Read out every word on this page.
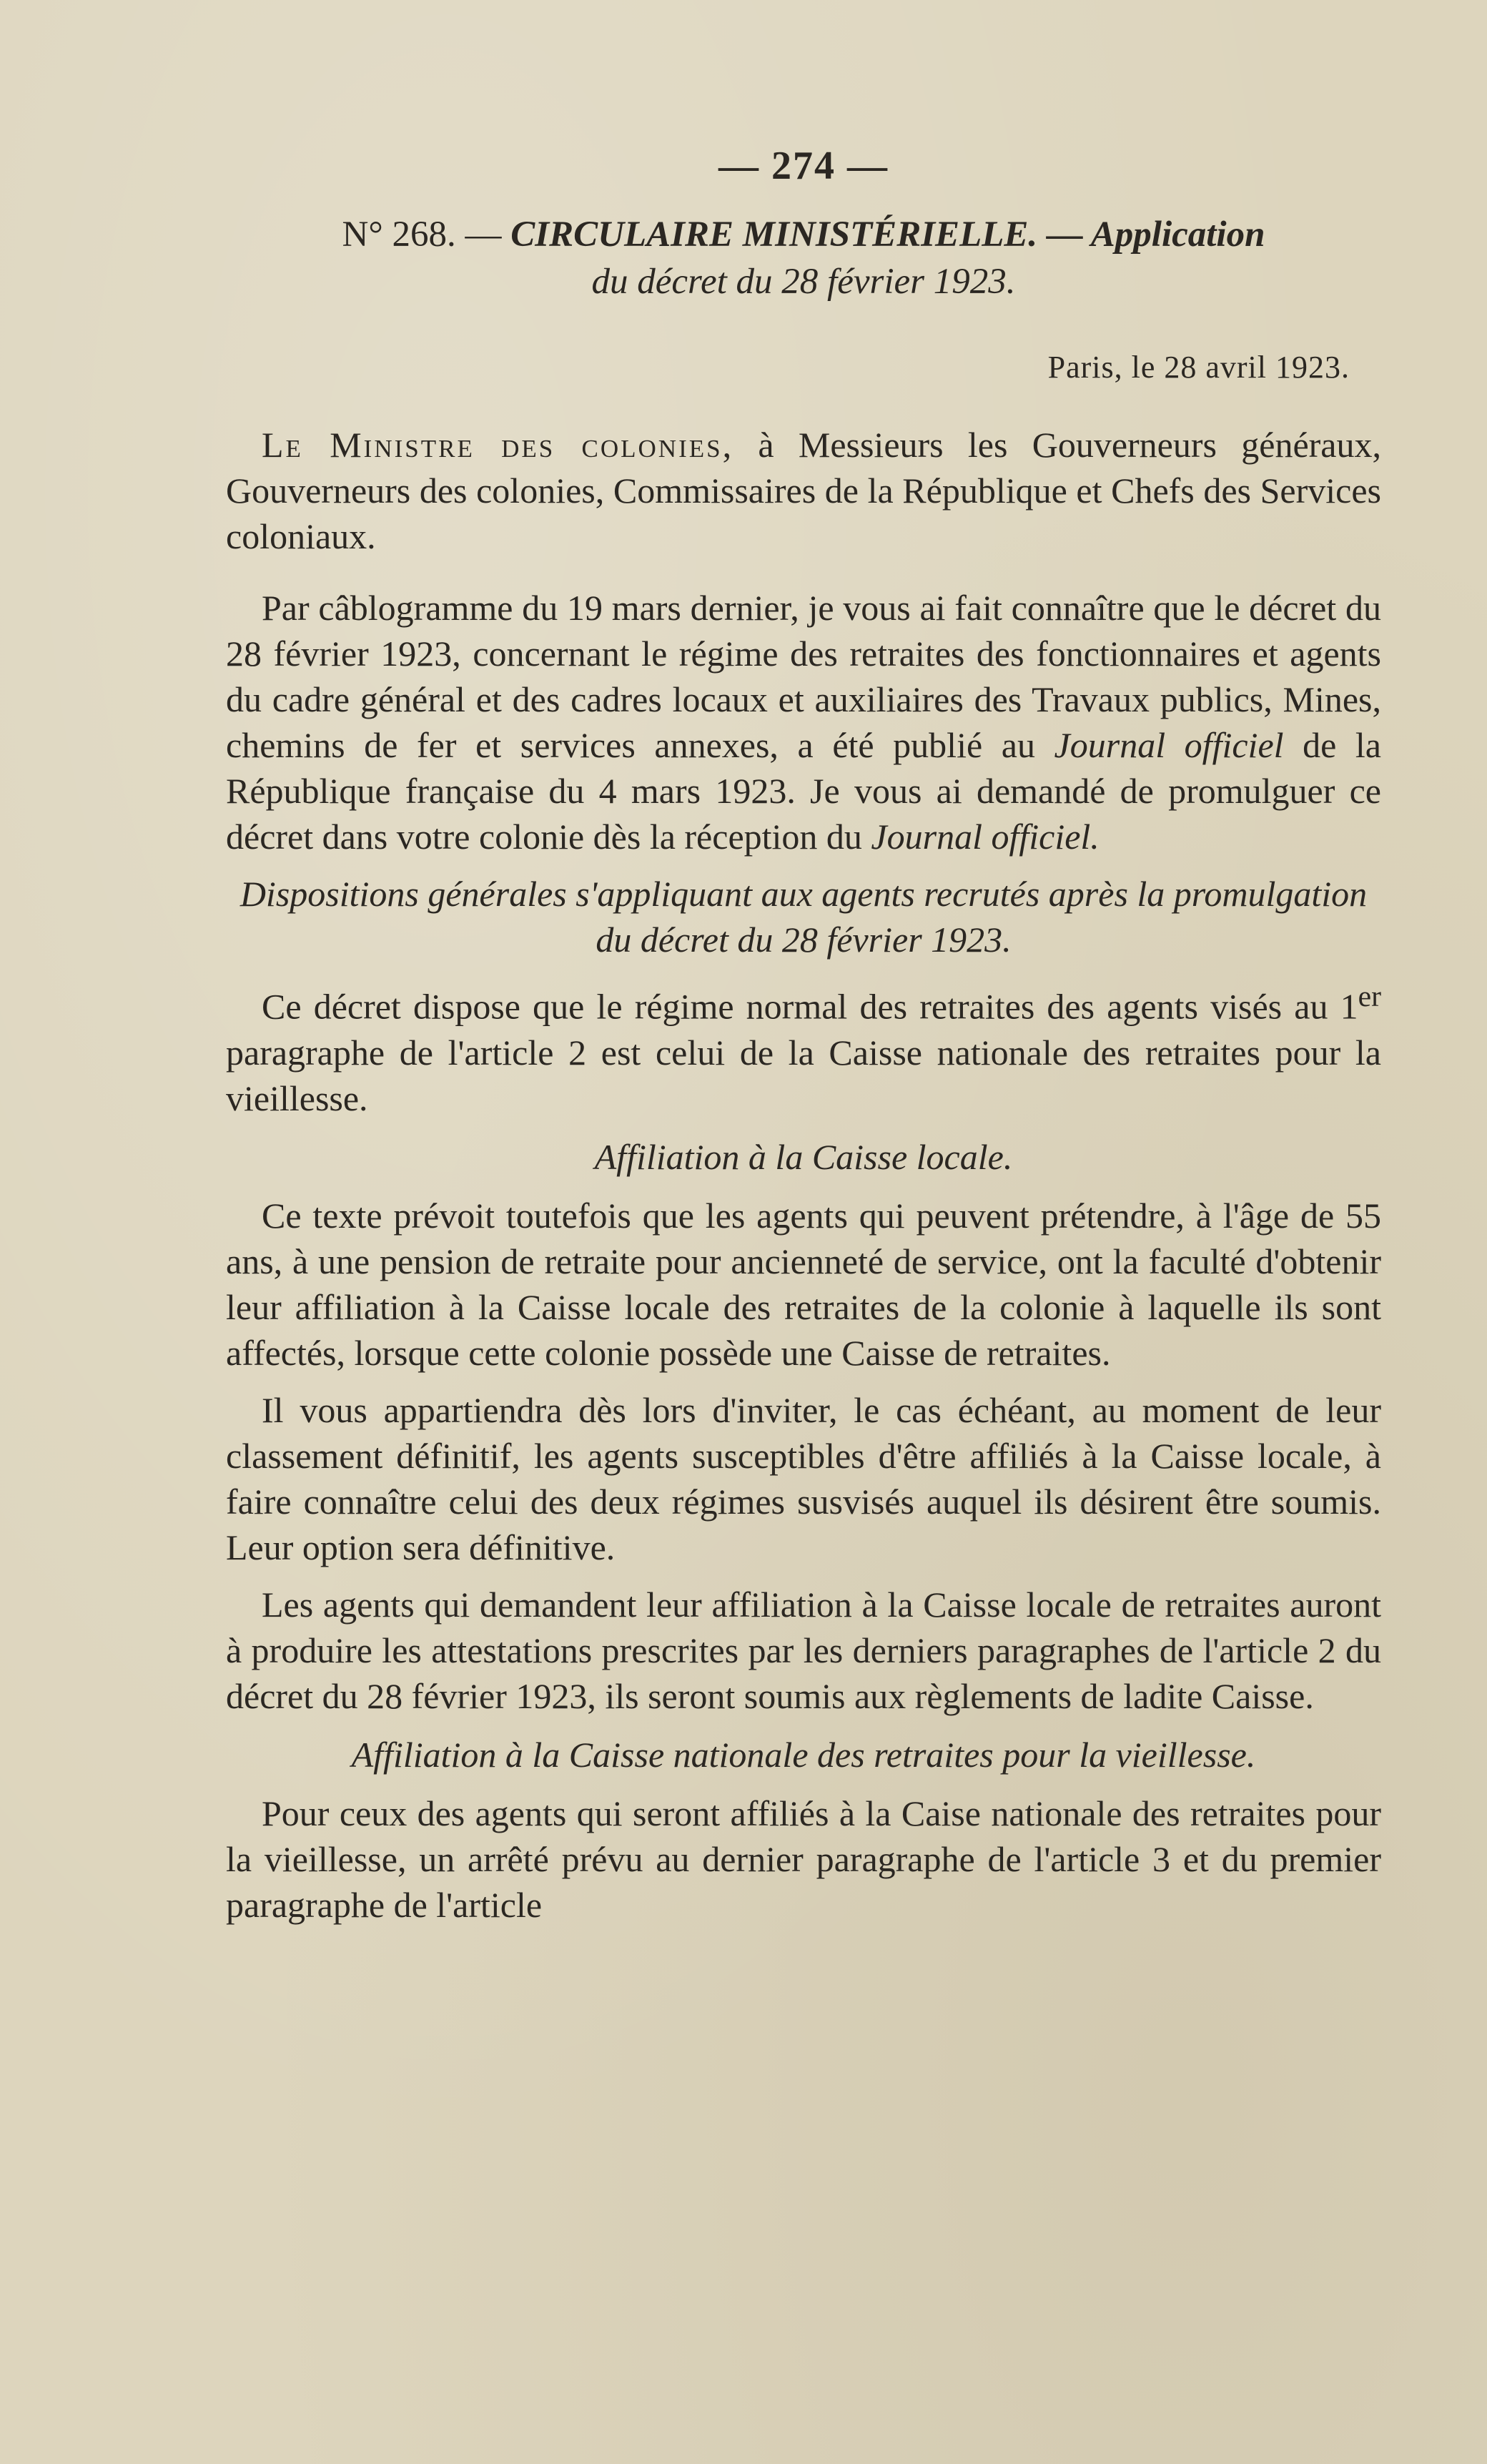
— 274 —
N° 268. — CIRCULAIRE MINISTÉRIELLE. — Application
du décret du 28 février 1923.
Paris, le 28 avril 1923.

Le Ministre des colonies, à Messieurs les Gouverneurs généraux, Gouverneurs des colonies, Commissaires de la République et Chefs des Services coloniaux.

Par câblogramme du 19 mars dernier, je vous ai fait connaître que le décret du 28 février 1923, concernant le régime des retraites des fonctionnaires et agents du cadre général et des cadres locaux et auxiliaires des Travaux publics, Mines, chemins de fer et services annexes, a été publié au Journal officiel de la République française du 4 mars 1923. Je vous ai demandé de promulguer ce décret dans votre colonie dès la réception du Journal officiel.

Dispositions générales s'appliquant aux agents recrutés après la promulgation du décret du 28 février 1923.

Ce décret dispose que le régime normal des retraites des agents visés au 1er paragraphe de l'article 2 est celui de la Caisse nationale des retraites pour la vieillesse.

Affiliation à la Caisse locale.

Ce texte prévoit toutefois que les agents qui peuvent prétendre, à l'âge de 55 ans, à une pension de retraite pour ancienneté de service, ont la faculté d'obtenir leur affiliation à la Caisse locale des retraites de la colonie à laquelle ils sont affectés, lorsque cette colonie possède une Caisse de retraites.

Il vous appartiendra dès lors d'inviter, le cas échéant, au moment de leur classement définitif, les agents susceptibles d'être affiliés à la Caisse locale, à faire connaître celui des deux régimes susvisés auquel ils désirent être soumis. Leur option sera définitive.

Les agents qui demandent leur affiliation à la Caisse locale de retraites auront à produire les attestations prescrites par les derniers paragraphes de l'article 2 du décret du 28 février 1923, ils seront soumis aux règlements de ladite Caisse.

Affiliation à la Caisse nationale des retraites pour la vieillesse.

Pour ceux des agents qui seront affiliés à la Caise nationale des retraites pour la vieillesse, un arrêté prévu au dernier paragraphe de l'article 3 et du premier paragraphe de l'article
